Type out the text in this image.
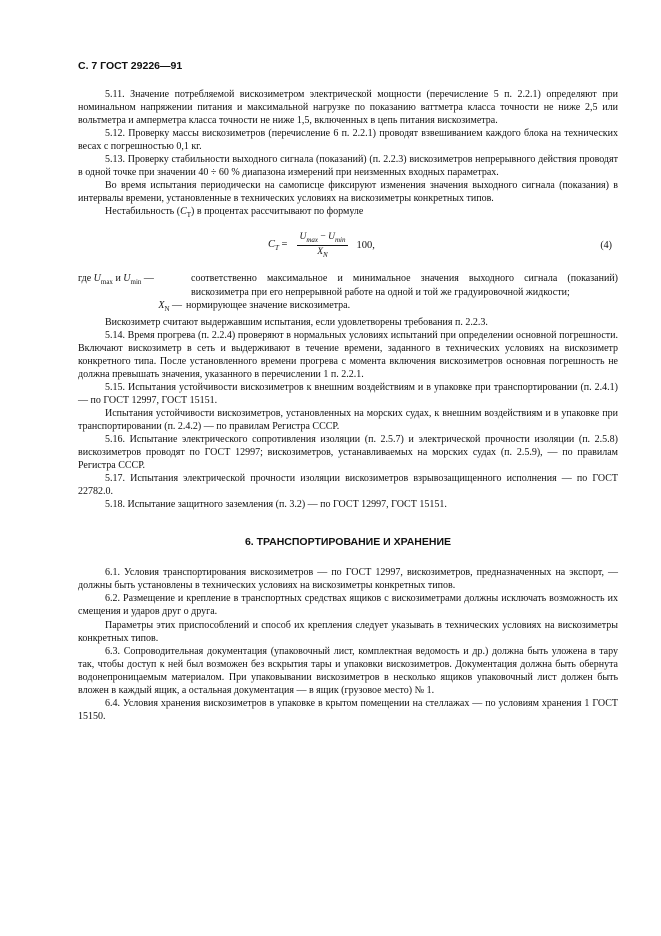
С. 7 ГОСТ 29226—91

5.11. Значение потребляемой вискозиметром электрической мощности (перечисление 5 п. 2.2.1) определяют при номинальном напряжении питания и максимальной нагрузке по показанию ваттметра класса точности не ниже 2,5 или вольтметра и амперметра класса точности не ниже 1,5, включенных в цепь питания вискозиметра.

5.12. Проверку массы вискозиметров (перечисление 6 п. 2.2.1) проводят взвешиванием каждого блока на технических весах с погрешностью 0,1 кг.

5.13. Проверку стабильности выходного сигнала (показаний) (п. 2.2.3) вискозиметров непрерывного действия проводят в одной точке при значении 40 ÷ 60 % диапазона измерений при неизменных входных параметрах.

Во время испытания периодически на самописце фиксируют изменения значения выходного сигнала (показания) в интервалы времени, установленные в технических условиях на вискозиметры конкретных типов.

Нестабильность $(C_T)$ в процентах рассчитывают по формуле

$C_T = \frac{U_{max} - U_{min}}{X_N} 100$,	(4)
где $U_{max}$ и $U_{min}$ —	соответственно максимальное и минимальное значения выходного сигнала (показаний) вискозиметра при его непрерывной работе на одной и той же градуировочной жидкости;
$X_N$ — нормирующее значение вискозиметра.

Вискозиметр считают выдержавшим испытания, если удовлетворены требования п. 2.2.3.

5.14. Время прогрева (п. 2.2.4) проверяют в нормальных условиях испытаний при определении основной погрешности. Включают вискозиметр в сеть и выдерживают в течение времени, заданного в технических условиях на вискозиметр конкретного типа. После установленного времени прогрева с момента включения вискозиметров основная погрешность не должна превышать значения, указанного в перечислении 1 п. 2.2.1.

5.15. Испытания устойчивости вискозиметров к внешним воздействиям и в упаковке при транспортировании (п. 2.4.1) — по ГОСТ 12997, ГОСТ 15151.

Испытания устойчивости вискозиметров, установленных на морских судах, к внешним воздействиям и в упаковке при транспортировании (п. 2.4.2) — по правилам Регистра СССР.

5.16. Испытание электрического сопротивления изоляции (п. 2.5.7) и электрической прочности изоляции (п. 2.5.8) вискозиметров проводят по ГОСТ 12997; вискозиметров, устанавливаемых на морских судах (п. 2.5.9), — по правилам Регистра СССР.

5.17. Испытания электрической прочности изоляции вискозиметров взрывозащищенного исполнения — по ГОСТ 22782.0.

5.18. Испытание защитного заземления (п. 3.2) — по ГОСТ 12997, ГОСТ 15151.

6. ТРАНСПОРТИРОВАНИЕ И ХРАНЕНИЕ

6.1. Условия транспортирования вискозиметров — по ГОСТ 12997, вискозиметров, предназначенных на экспорт, — должны быть установлены в технических условиях на вискозиметры конкретных типов.

6.2. Размещение и крепление в транспортных средствах ящиков с вискозиметрами должны исключать возможность их смещения и ударов друг о друга.

Параметры этих приспособлений и способ их крепления следует указывать в технических условиях на вискозиметры конкретных типов.

6.3. Сопроводительная документация (упаковочный лист, комплектная ведомость и др.) должна быть уложена в тару так, чтобы доступ к ней был возможен без вскрытия тары и упаковки вискозиметров. Документация должна быть обернута водонепроницаемым материалом. При упаковывании вискозиметров в несколько ящиков упаковочный лист должен быть вложен в каждый ящик, а остальная документация — в ящик (грузовое место) № 1.

6.4. Условия хранения вискозиметров в упаковке в крытом помещении на стеллажах — по условиям хранения 1 ГОСТ 15150.
